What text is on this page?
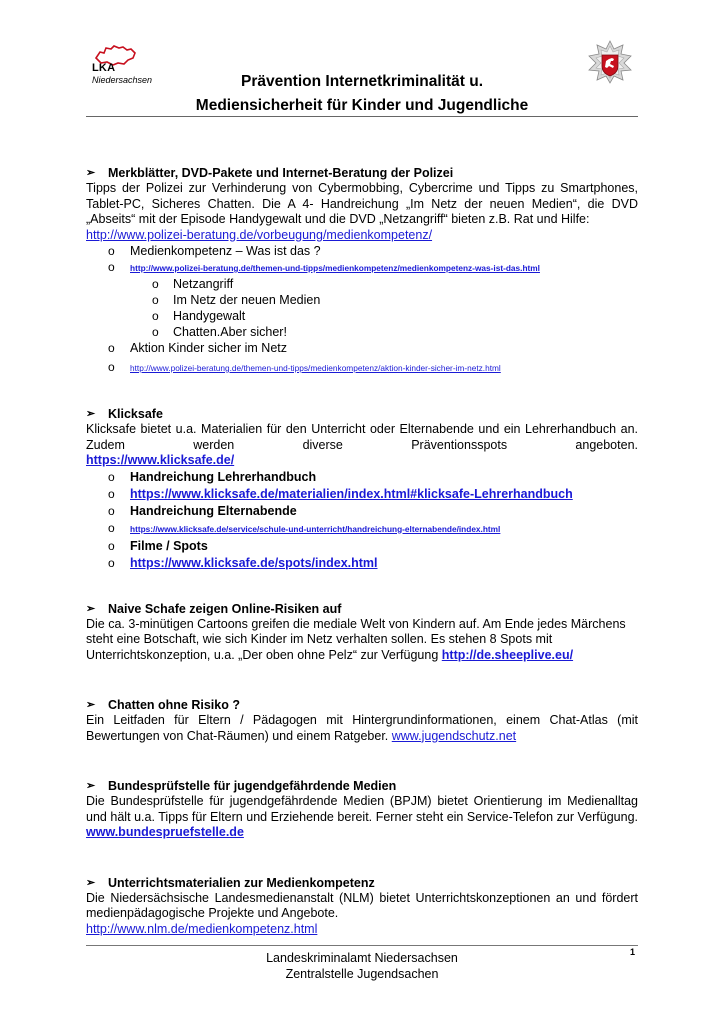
LKA
Niedersachsen	Prävention Internetkriminalität u.
Mediensicherheit für Kinder und Jugendliche
➢	Merkblätter, DVD-Pakete und Internet-Beratung der Polizei

Tipps der Polizei zur Verhinderung von Cybermobbing, Cybercrime und Tipps zu Smartphones, Tablet-PC, Sicheres Chatten. Die A 4- Handreichung „Im Netz der neuen Medien“, die DVD „Abseits“ mit der Episode Handygewalt und die DVD „Netzangriff“ bieten z.B. Rat und Hilfe:

http://www.polizei-beratung.de/vorbeugung/medienkompetenz/
o Medienkompetenz – Was ist das ?
o http://www.polizei-beratung.de/themen-und-tipps/medienkompetenz/medienkompetenz-was-ist-das.html
o Netzangriff
o Im Netz der neuen Medien
o Handygewalt
o Chatten.Aber sicher!
o Aktion Kinder sicher im Netz
o http://www.polizei-beratung.de/themen-und-tipps/medienkompetenz/aktion-kinder-sicher-im-netz.html
➢	Klicksafe

Klicksafe bietet u.a. Materialien für den Unterricht oder Elternabende und ein Lehrerhandbuch an. Zudem werden diverse Präventionsspots angeboten.

https://www.klicksafe.de/
o Handreichung Lehrerhandbuch
o https://www.klicksafe.de/materialien/index.html#klicksafe-Lehrerhandbuch
o Handreichung Elternabende
o https://www.klicksafe.de/service/schule-und-unterricht/handreichung-elternabende/index.html
o Filme / Spots
o https://www.klicksafe.de/spots/index.html
➢	Naive Schafe zeigen Online-Risiken auf

Die ca. 3-minütigen Cartoons greifen die mediale Welt von Kindern auf. Am Ende jedes Märchens steht eine Botschaft, wie sich Kinder im Netz verhalten sollen. Es stehen 8 Spots mit Unterrichtskonzeption, u.a. „Der oben ohne Pelz“ zur Verfügung http://de.sheeplive.eu/

➢	Chatten ohne Risiko ?

Ein Leitfaden für Eltern / Pädagogen mit Hintergrundinformationen, einem Chat-Atlas (mit Bewertungen von Chat-Räumen) und einem Ratgeber. www.jugendschutz.net

➢	Bundesprüfstelle für jugendgefährdende Medien

Die Bundesprüfstelle für jugendgefährdende Medien (BPJM) bietet Orientierung im Medienalltag und hält u.a. Tipps für Eltern und Erziehende bereit. Ferner steht ein Service-Telefon zur Verfügung. www.bundespruefstelle.de

➢	Unterrichtsmaterialien zur Medienkompetenz

Die Niedersächsische Landesmedienanstalt (NLM) bietet Unterrichtskonzeptionen an und fördert medienpädagogische Projekte und Angebote.

http://www.nlm.de/medienkompetenz.html
Landeskriminalamt Niedersachsen
Zentralstelle Jugendsachen
1
